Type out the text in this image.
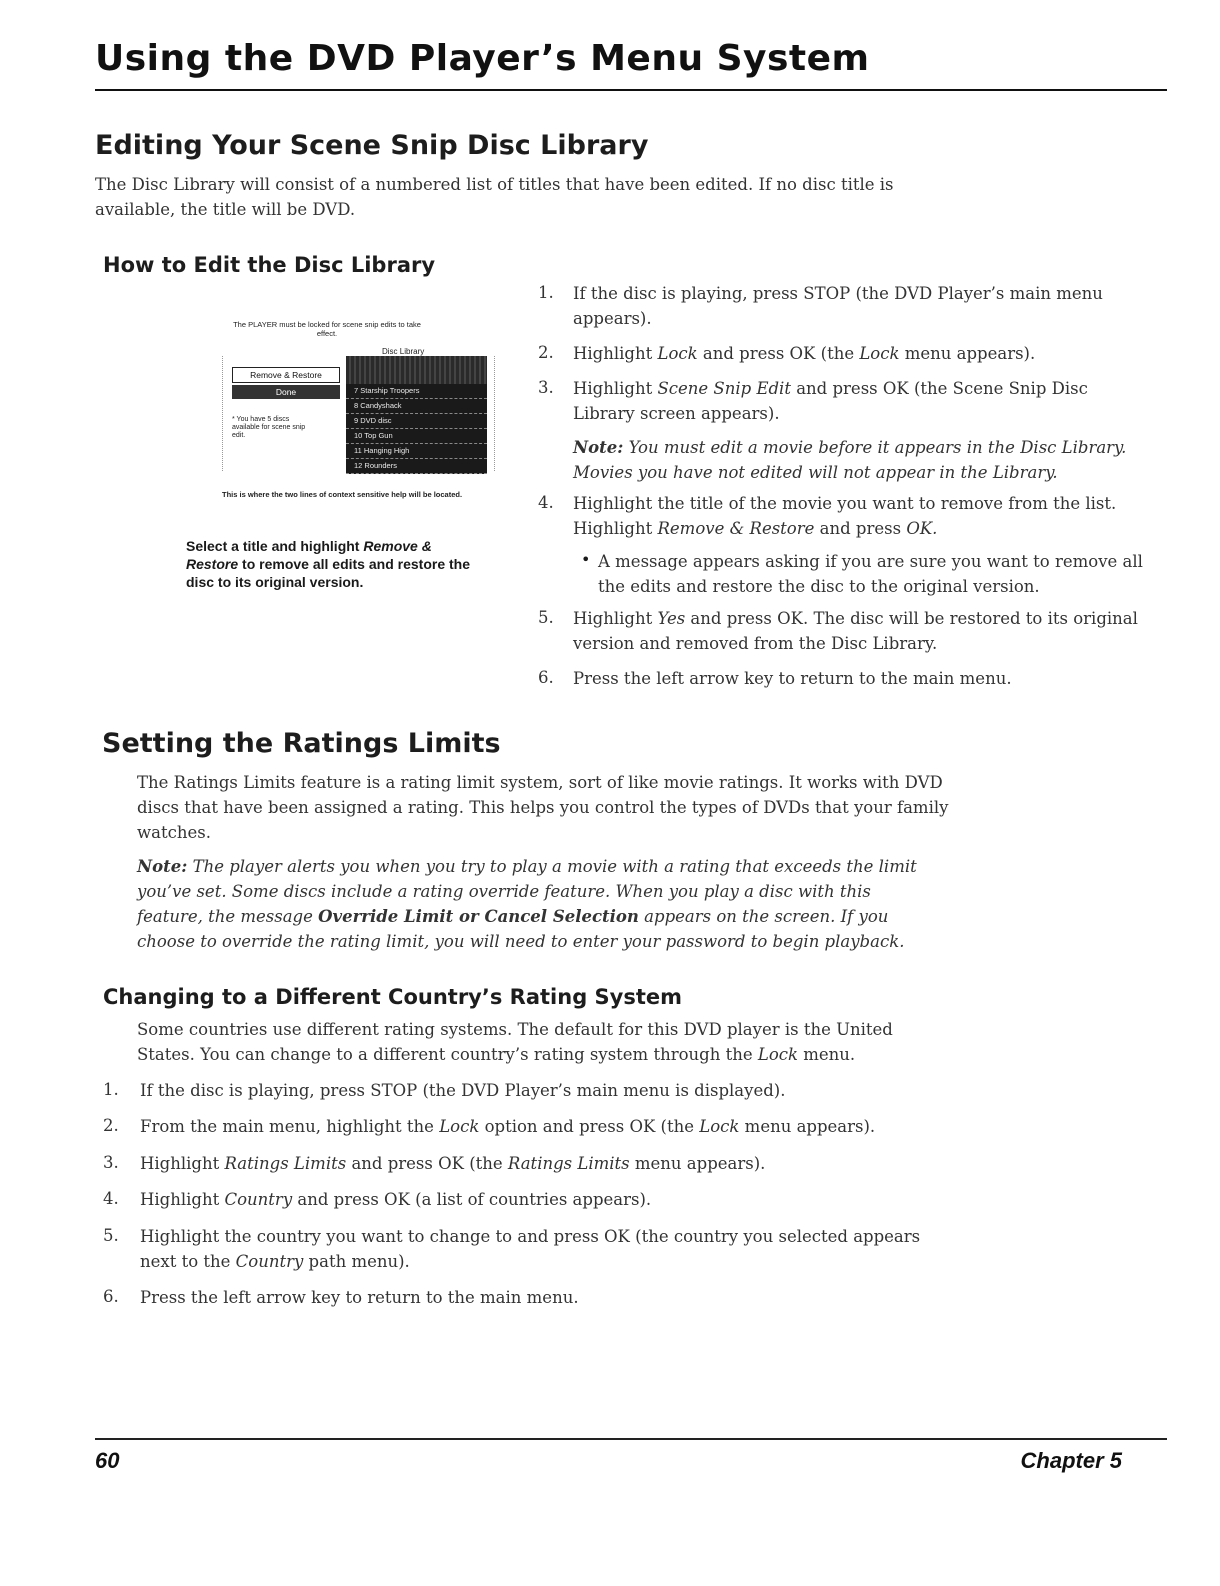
Using the DVD Player’s Menu System
Editing Your Scene Snip Disc Library
The Disc Library will consist of a numbered list of titles that have been edited. If no disc title is available, the title will be DVD.
How to Edit the Disc Library
The PLAYER must be locked for scene snip edits to take effect.
Disc Library
Remove & Restore
Done
* You have 5 discs available for scene snip edit.
7 Starship Troopers
8 Candyshack
9 DVD disc
10 Top Gun
11 Hanging High
12 Rounders
This is where the two lines of context sensitive help will be located.
Select a title and highlight Remove & Restore to remove all edits and restore the disc to its original version.
1. If the disc is playing, press STOP (the DVD Player’s main menu appears).
2. Highlight Lock and press OK (the Lock menu appears).
3. Highlight Scene Snip Edit and press OK (the Scene Snip Disc Library screen appears).
Note: You must edit a movie before it appears in the Disc Library. Movies you have not edited will not appear in the Library.
4. Highlight the title of the movie you want to remove from the list.
Highlight Remove & Restore and press OK.
• A message appears asking if you are sure you want to remove all the edits and restore the disc to the original version.
5. Highlight Yes and press OK. The disc will be restored to its original version and removed from the Disc Library.
6. Press the left arrow key to return to the main menu.
Setting the Ratings Limits
The Ratings Limits feature is a rating limit system, sort of like movie ratings. It works with DVD discs that have been assigned a rating. This helps you control the types of DVDs that your family watches.
Note: The player alerts you when you try to play a movie with a rating that exceeds the limit you’ve set. Some discs include a rating override feature. When you play a disc with this feature, the message Override Limit or Cancel Selection appears on the screen. If you choose to override the rating limit, you will need to enter your password to begin playback.
Changing to a Different Country’s Rating System
Some countries use different rating systems. The default for this DVD player is the United States. You can change to a different country’s rating system through the Lock menu.
1. If the disc is playing, press STOP (the DVD Player’s main menu is displayed).
2. From the main menu, highlight the Lock option and press OK (the Lock menu appears).
3. Highlight Ratings Limits and press OK (the Ratings Limits menu appears).
4. Highlight Country and press OK (a list of countries appears).
5. Highlight the country you want to change to and press OK (the country you selected appears next to the Country path menu).
6. Press the left arrow key to return to the main menu.
60	Chapter 5
